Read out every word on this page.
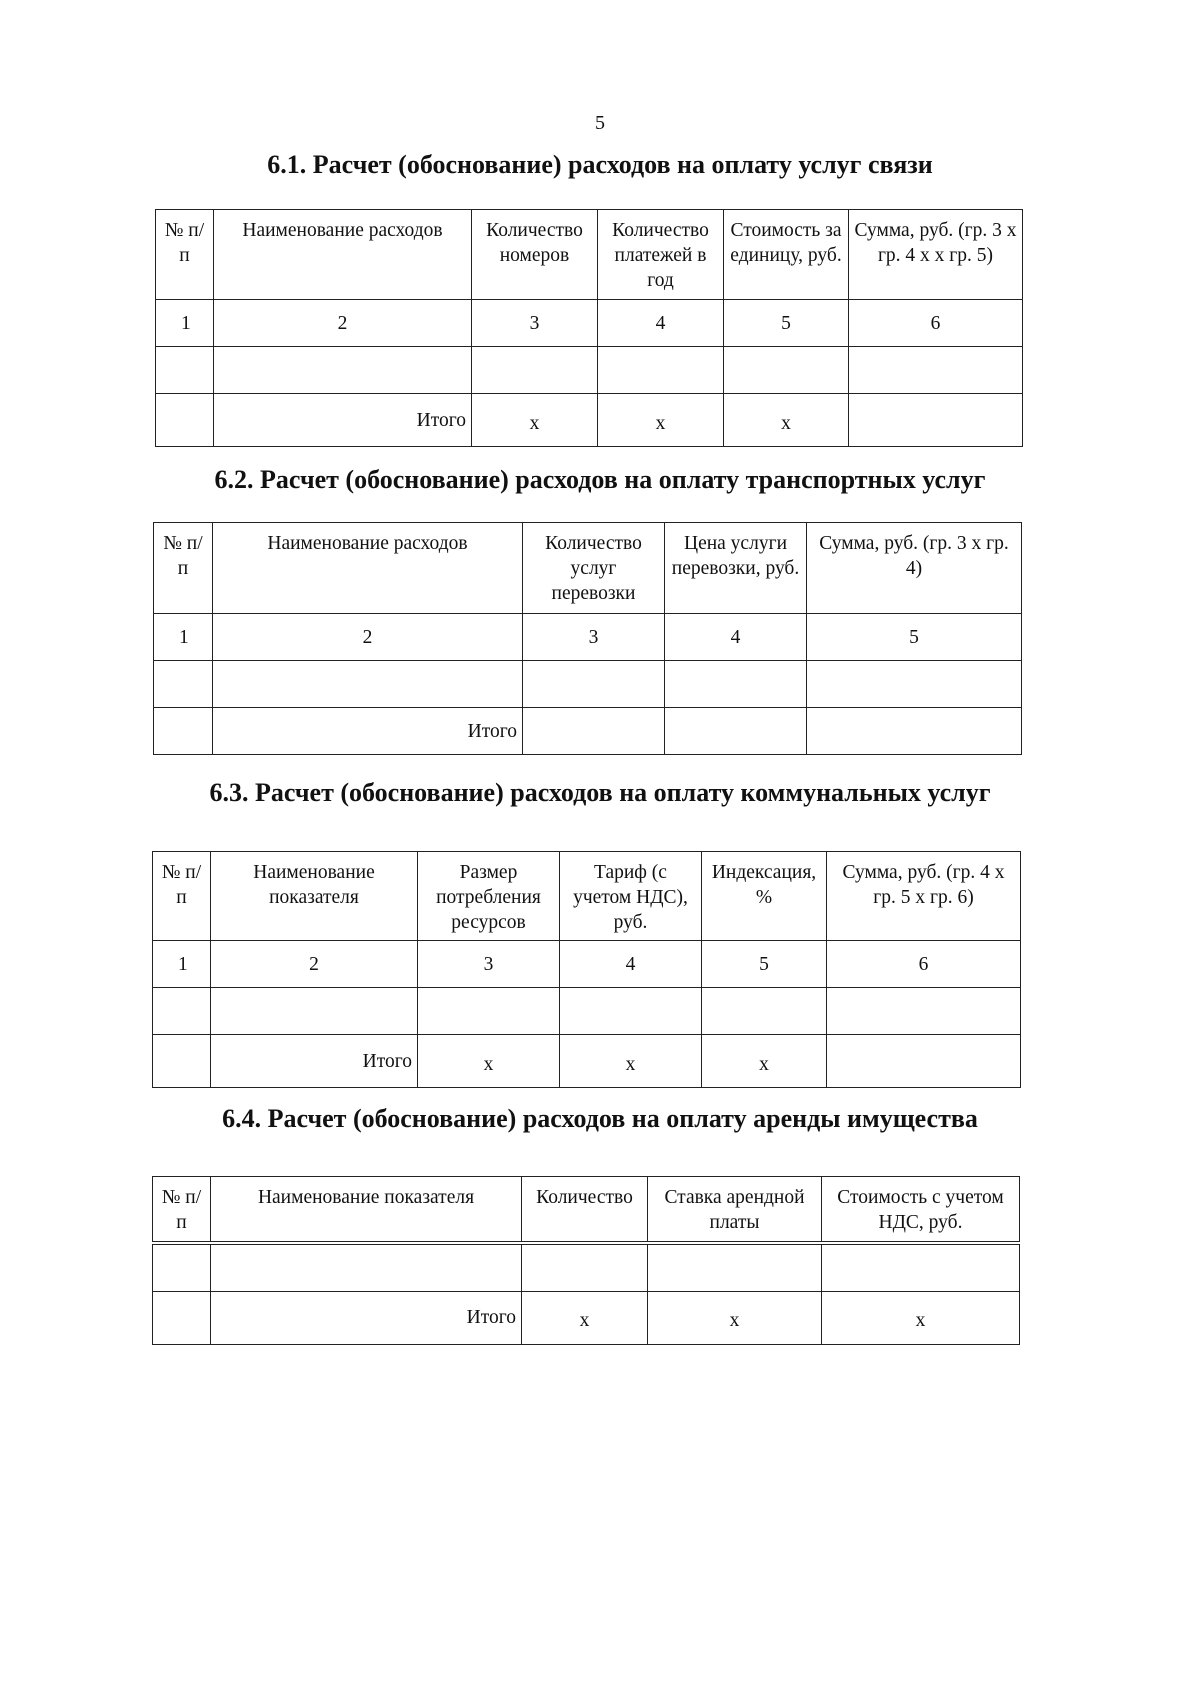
5
6.1. Расчет (обоснование) расходов на оплату услуг связи
№ п/п	Наименование расходов	Количество номеров	Количество платежей в год	Стоимость за единицу, руб.	Сумма, руб. (гр. 3 x гр. 4 x x гр. 5)
1	2	3	4	5	6

	Итого	x	x	x	
6.2. Расчет (обоснование) расходов на оплату транспортных услуг
№ п/п	Наименование расходов	Количество услуг перевозки	Цена услуги перевозки, руб.	Сумма, руб. (гр. 3 x гр. 4)
1	2	3	4	5

	Итого			
6.3. Расчет (обоснование) расходов на оплату коммунальных услуг
№ п/п	Наименование показателя	Размер потребления ресурсов	Тариф (с учетом НДС), руб.	Индексация, %	Сумма, руб. (гр. 4 x гр. 5 x гр. 6)
1	2	3	4	5	6

	Итого	x	x	x	
6.4. Расчет (обоснование) расходов на оплату аренды имущества
№ п/п	Наименование показателя	Количество	Ставка арендной платы	Стоимость с учетом НДС, руб.

	Итого	x	x	x
